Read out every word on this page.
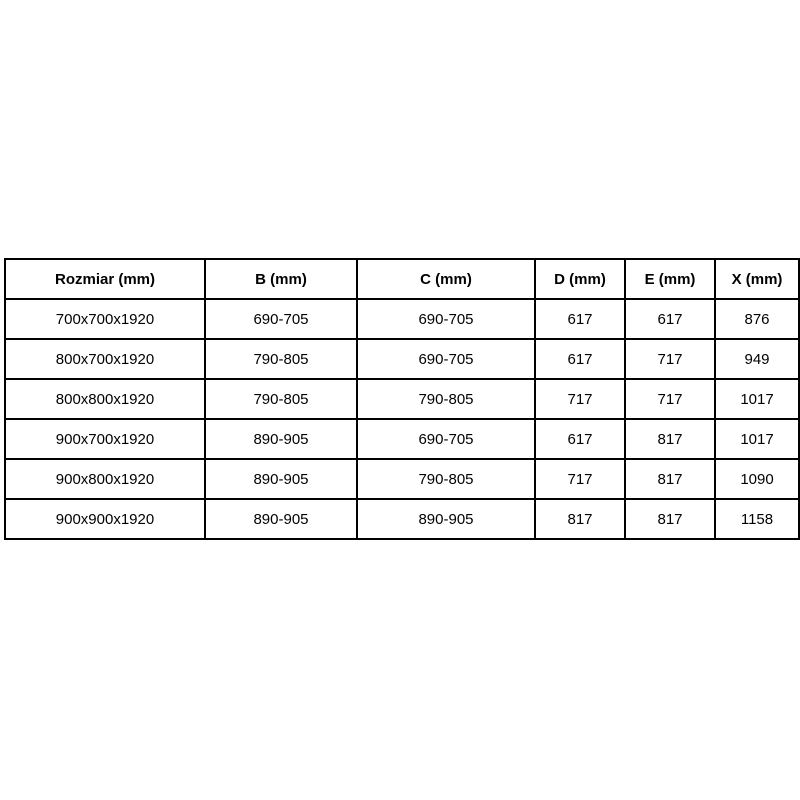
Rozmiar (mm)	B (mm)	C (mm)	D (mm)	E (mm)	X (mm)
700x700x1920	690-705	690-705	617	617	876
800x700x1920	790-805	690-705	617	717	949
800x800x1920	790-805	790-805	717	717	1017
900x700x1920	890-905	690-705	617	817	1017
900x800x1920	890-905	790-805	717	817	1090
900x900x1920	890-905	890-905	817	817	1158
